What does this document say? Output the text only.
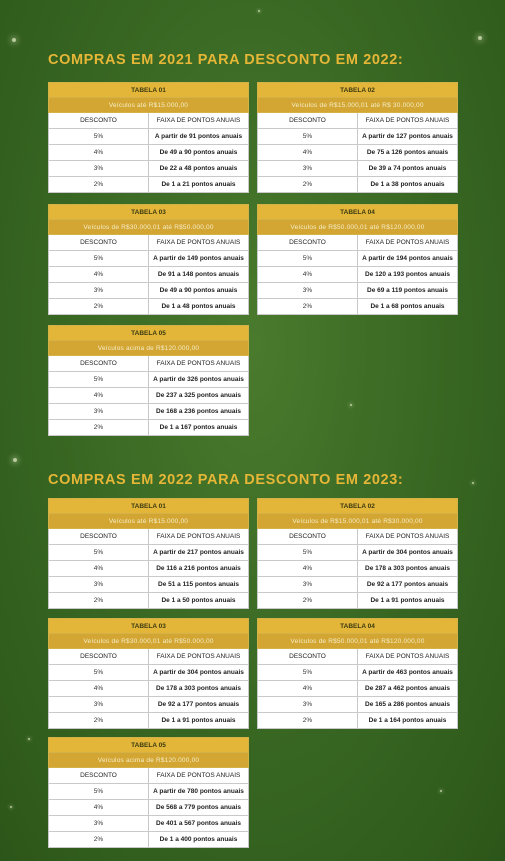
COMPRAS EM 2021 PARA DESCONTO EM 2022:
TABELA 01	
Veículos até R$15.000,00	
DESCONTO	FAIXA DE PONTOS ANUAIS
5%	A partir de 91 pontos anuais
4%	De 49 a 90 pontos anuais
3%	De 22 a 48 pontos anuais
2%	De 1 a 21 pontos anuais
TABELA 02	
Veículos de R$15.000,01 até R$ 30.000,00	
DESCONTO	FAIXA DE PONTOS ANUAIS
5%	A partir de 127 pontos anuais
4%	De 75 a 126 pontos anuais
3%	De 39 a 74 pontos anuais
2%	De 1 a 38 pontos anuais
TABELA 03	
Veículos de R$30.000,01 até R$50.000,00	
DESCONTO	FAIXA DE PONTOS ANUAIS
5%	A partir de 149 pontos anuais
4%	De 91 a 148 pontos anuais
3%	De 49 a 90 pontos anuais
2%	De 1 a 48 pontos anuais
TABELA 04	
Veículos de R$50.000,01 até R$120.000,00	
DESCONTO	FAIXA DE PONTOS ANUAIS
5%	A partir de 194 pontos anuais
4%	De 120 a 193 pontos anuais
3%	De 69 a 119 pontos anuais
2%	De 1 a 68 pontos anuais
TABELA 05	
Veículos acima de R$120.000,00	
DESCONTO	FAIXA DE PONTOS ANUAIS
5%	A partir de 326 pontos anuais
4%	De 237 a 325 pontos anuais
3%	De 168 a 236 pontos anuais
2%	De 1 a 167 pontos anuais
COMPRAS EM 2022 PARA DESCONTO EM 2023:
TABELA 01	
Veículos até R$15.000,00	
DESCONTO	FAIXA DE PONTOS ANUAIS
5%	A partir de 217 pontos anuais
4%	De 116 a 216 pontos anuais
3%	De 51 a 115 pontos anuais
2%	De 1 a 50 pontos anuais
TABELA 02	
Veículos de R$15.000,01 até R$30.000,00	
DESCONTO	FAIXA DE PONTOS ANUAIS
5%	A partir de 304 pontos anuais
4%	De 178 a 303 pontos anuais
3%	De 92 a 177 pontos anuais
2%	De 1 a 91 pontos anuais
TABELA 03	
Veículos de R$30.000,01 até R$50.000,00	
DESCONTO	FAIXA DE PONTOS ANUAIS
5%	A partir de 304 pontos anuais
4%	De 178 a 303 pontos anuais
3%	De 92 a 177 pontos anuais
2%	De 1 a 91 pontos anuais
TABELA 04	
Veículos de R$50.000,01 até R$120.000,00	
DESCONTO	FAIXA DE PONTOS ANUAIS
5%	A partir de 463 pontos anuais
4%	De 287 a 462 pontos anuais
3%	De 165 a 286 pontos anuais
2%	De 1 a 164 pontos anuais
TABELA 05	
Veículos acima de R$120.000,00	
DESCONTO	FAIXA DE PONTOS ANUAIS
5%	A partir de 780 pontos anuais
4%	De 568 a 779 pontos anuais
3%	De 401 a 567 pontos anuais
2%	De 1 a 400 pontos anuais
